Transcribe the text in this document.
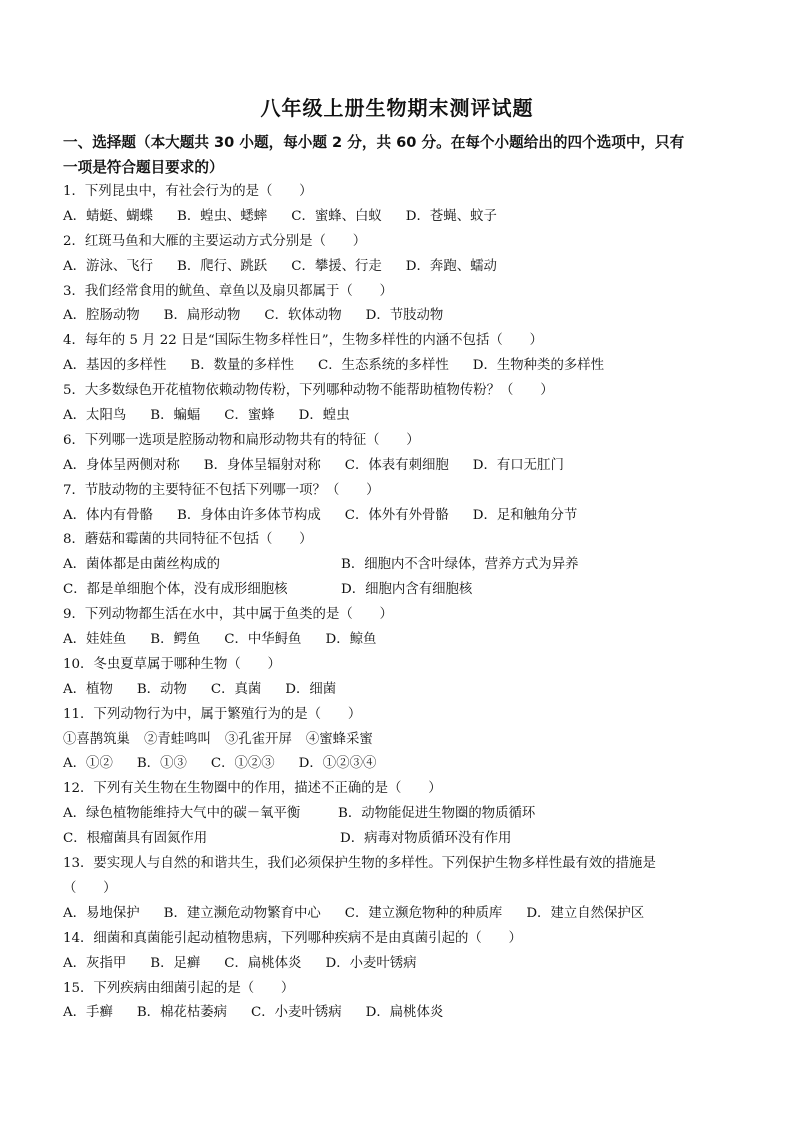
八年级上册生物期末测评试题
一、选择题（本大题共 30 小题，每小题 2 分，共 60 分。在每个小题给出的四个选项中，只有
一项是符合题目要求的）
1．下列昆虫中，有社会行为的是（　　）
A．蜻蜓、蝴蝶 B．蝗虫、蟋蟀 C．蜜蜂、白蚁 D．苍蝇、蚊子
2．红斑马鱼和大雁的主要运动方式分别是（　　）
A．游泳、飞行 B．爬行、跳跃 C．攀援、行走 D．奔跑、蠕动
3．我们经常食用的鱿鱼、章鱼以及扇贝都属于（　　）
A．腔肠动物 B．扁形动物 C．软体动物 D．节肢动物
4．每年的 5 月 22 日是“国际生物多样性日”，生物多样性的内涵不包括（　　）
A．基因的多样性 B．数量的多样性 C．生态系统的多样性 D．生物种类的多样性
5．大多数绿色开花植物依赖动物传粉，下列哪种动物不能帮助植物传粉？（　　）
A．太阳鸟 B．蝙蝠 C．蜜蜂 D．蝗虫
6．下列哪一选项是腔肠动物和扁形动物共有的特征（　　）
A．身体呈两侧对称 B．身体呈辐射对称 C．体表有刺细胞 D．有口无肛门
7．节肢动物的主要特征不包括下列哪一项？（　　）
A．体内有骨骼 B．身体由许多体节构成 C．体外有外骨骼 D．足和触角分节
8．蘑菇和霉菌的共同特征不包括（　　）
A．菌体都是由菌丝构成的	B．细胞内不含叶绿体，营养方式为异养
C．都是单细胞个体，没有成形细胞核	D．细胞内含有细胞核
9．下列动物都生活在水中，其中属于鱼类的是（　　）
A．娃娃鱼 B．鳄鱼 C．中华鲟鱼 D．鲸鱼
10．冬虫夏草属于哪种生物（　　）
A．植物 B．动物 C．真菌 D．细菌
11．下列动物行为中，属于繁殖行为的是（　　）
①喜鹊筑巢 ②青蛙鸣叫 ③孔雀开屏 ④蜜蜂采蜜
A．①② B．①③ C．①②③ D．①②③④
12．下列有关生物在生物圈中的作用，描述不正确的是（　　）
A．绿色植物能维持大气中的碳－氧平衡	B．动物能促进生物圈的物质循环
C．根瘤菌具有固氮作用	D．病毒对物质循环没有作用
13．要实现人与自然的和谐共生，我们必须保护生物的多样性。下列保护生物多样性最有效的措施是
（　　）
A．易地保护 B．建立濒危动物繁育中心 C．建立濒危物种的种质库 D．建立自然保护区
14．细菌和真菌能引起动植物患病，下列哪种疾病不是由真菌引起的（　　）
A．灰指甲 B．足癣 C．扁桃体炎 D．小麦叶锈病
15．下列疾病由细菌引起的是（　　）
A．手癣 B．棉花枯萎病 C．小麦叶锈病 D．扁桃体炎
